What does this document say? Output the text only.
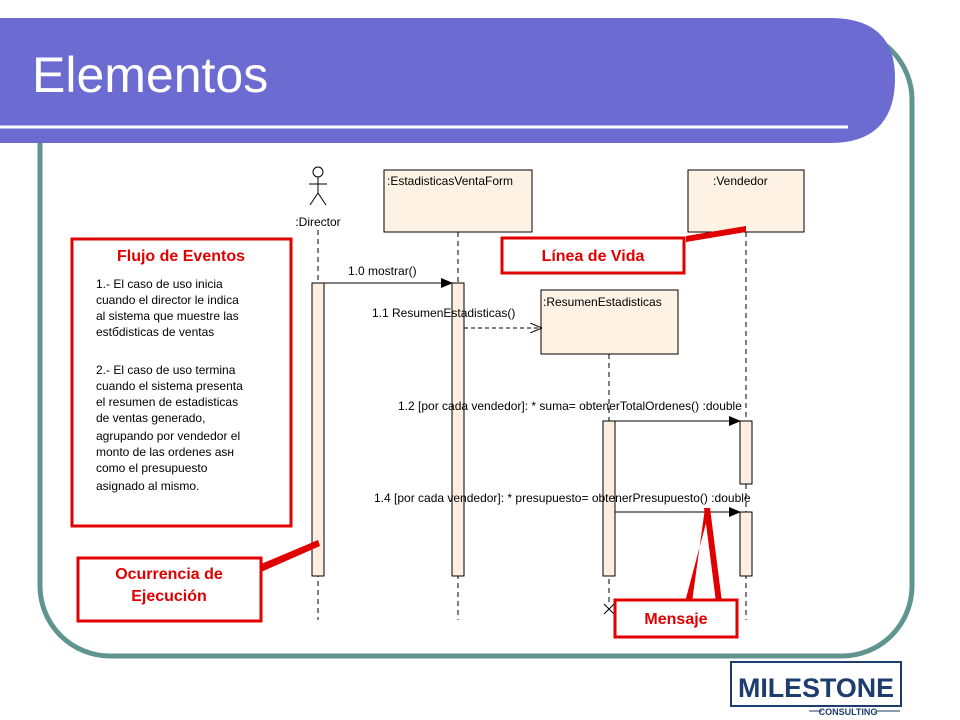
Elementos
:Director
:EstadisticasVentaForm	:Vendedor
:ResumenEstadisticas
1.0 mostrar()
1.1 ResumenEstadisticas()
1.2 [por cada vendedor]: * suma= obtenerTotalOrdenes() :double
1.4 [por cada vendedor]: * presupuesto= obtenerPresupuesto() :double
Flujo de Eventos
1.- El caso de uso inicia
cuando el director le indica
al sistema que muestre las
estбdisticas de ventas
2.- El caso de uso termina
cuando el sistema presenta
el resumen de estadisticas
de ventas generado,
agrupando por vendedor el
monto de las ordenes asн
como el presupuesto
asignado al mismo.
Línea de Vida
Ocurrencia de
Ejecución
Mensaje
MILESTONE
CONSULTING
